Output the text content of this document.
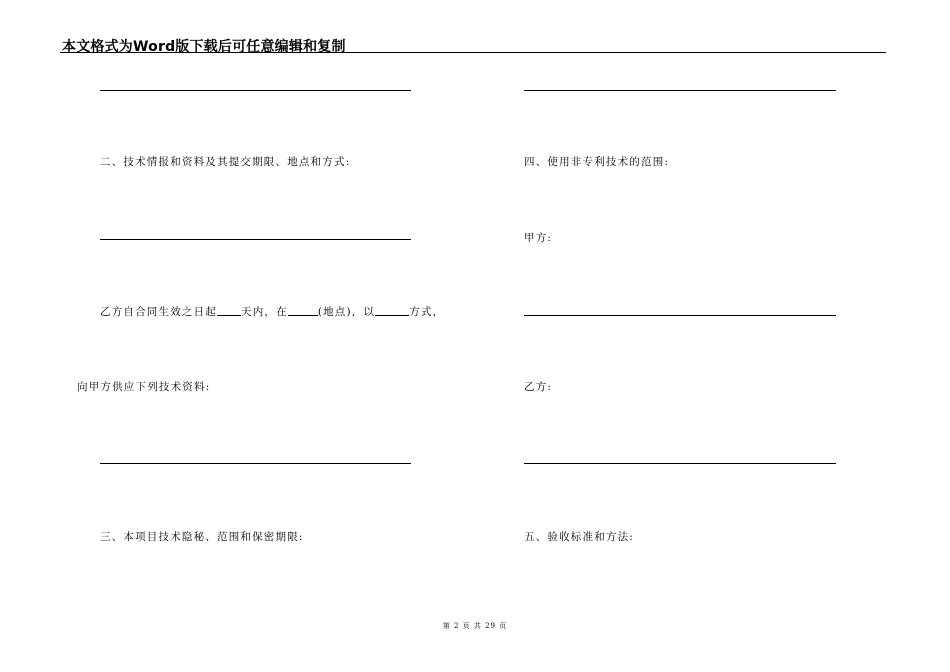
本文格式为Word版下载后可任意编辑和复制
二、技术情报和资料及其提交期限、地点和方式:
乙方自合同生效之日起 天内，在	(地点)，以	方式，
向甲方供应下列技术资料:
三、本项目技术隐秘、范围和保密期限:
四、使用非专利技术的范围:
甲方:
乙方:
五、验收标准和方法:
第 2 页 共 29 页
